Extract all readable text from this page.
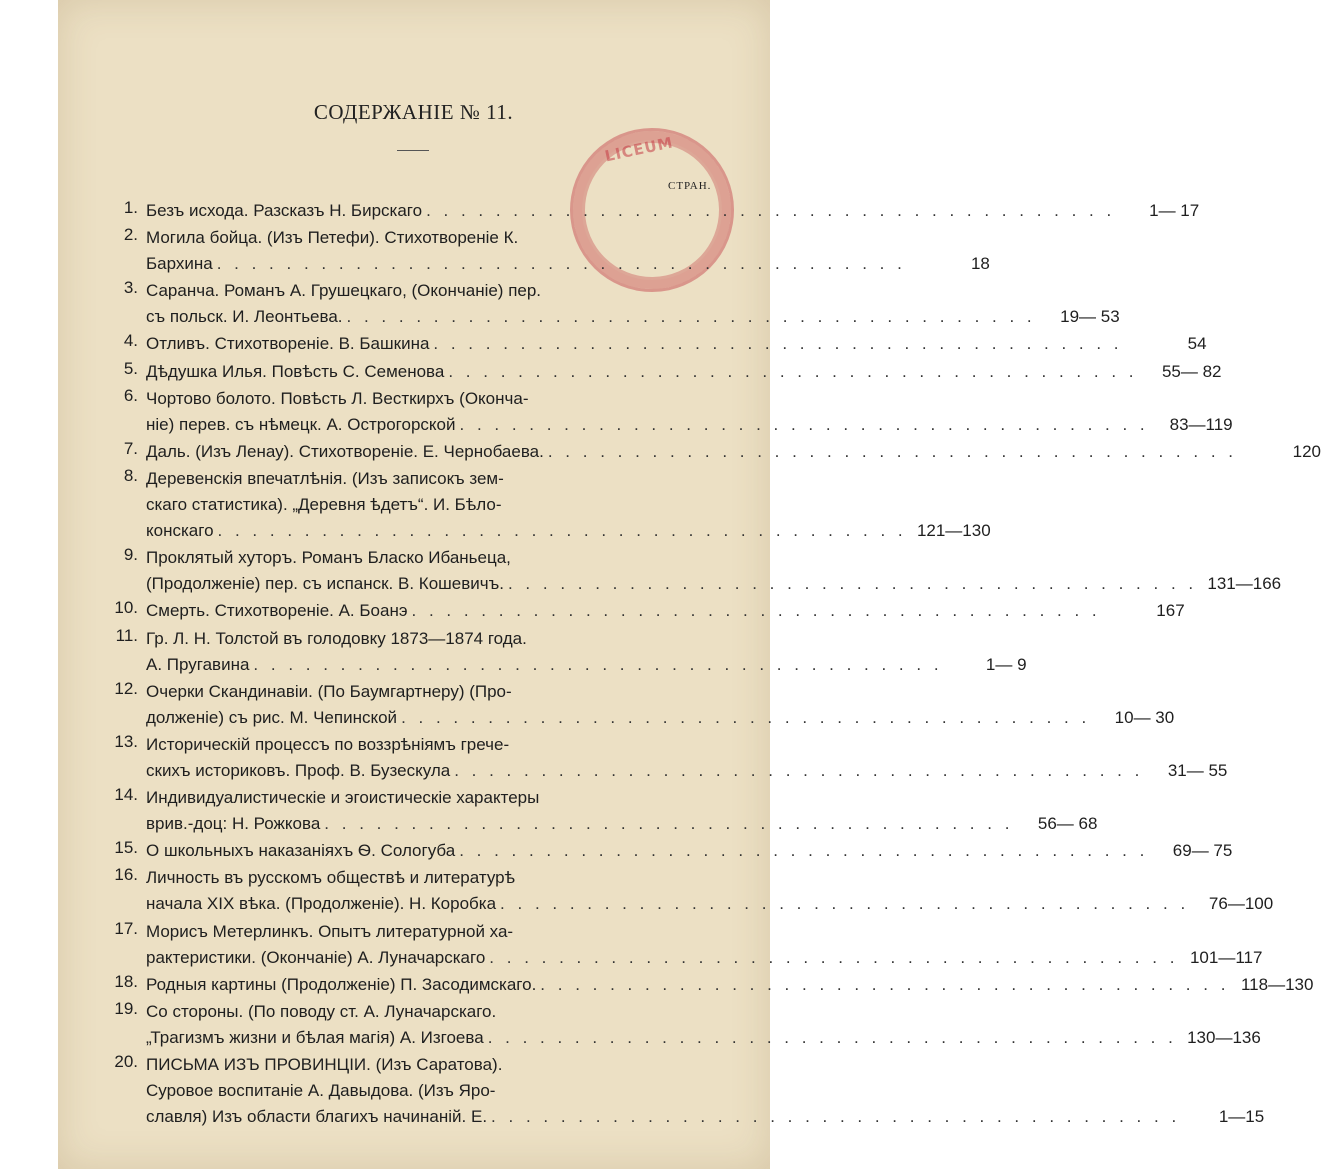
LICEUM
СОДЕРЖАНІЕ № 11.
СТРАН.
1. Безъ исхода. Разсказъ Н. Бирскаго . . . . . . . . . . . . . . . . . . . . . . . . . . . . . . . . . . . . . . . .	1— 17
2. Могила бойца. (Изъ Петефи). Стихотвореніе К.
Бархина . . . . . . . . . . . . . . . . . . . . . . . . . . . . . . . . . . . . . . . .	18
3. Саранча. Романъ А. Грушецкаго, (Окончаніе) пер.
съ польск. И. Леонтьева. . . . . . . . . . . . . . . . . . . . . . . . . . . . . . . . . . . . . . . . .	19— 53
4. Отливъ. Стихотвореніе. В. Башкина . . . . . . . . . . . . . . . . . . . . . . . . . . . . . . . . . . . . . . . .	54
5. Дѣдушка Илья. Повѣсть С. Семенова . . . . . . . . . . . . . . . . . . . . . . . . . . . . . . . . . . . . . . . .	55— 82
6. Чортово болото. Повѣсть Л. Весткирхъ (Оконча-
ніе) перев. съ нѣмецк. А. Острогорской . . . . . . . . . . . . . . . . . . . . . . . . . . . . . . . . . . . . . . . .	83—119
7. Даль. (Изъ Ленау). Стихотвореніе. Е. Чернобаева. . . . . . . . . . . . . . . . . . . . . . . . . . . . . . . . . . . . . . . . .	120
8. Деревенскія впечатлѣнія. (Изъ записокъ зем-
скаго статистика). „Деревня ѣдетъ“. И. Бѣло-
конскаго . . . . . . . . . . . . . . . . . . . . . . . . . . . . . . . . . . . . . . . . 121—130
9. Проклятый хуторъ. Романъ Бласко Ибаньеца,
(Продолженіе) пер. съ испанск. В. Кошевичъ. . . . . . . . . . . . . . . . . . . . . . . . . . . . . . . . . . . . . . . . . 131—166
10. Смерть. Стихотвореніе. А. Боанэ . . . . . . . . . . . . . . . . . . . . . . . . . . . . . . . . . . . . . . . .	167
11. Гр. Л. Н. Толстой въ голодовку 1873—1874 года.
А. Пругавина . . . . . . . . . . . . . . . . . . . . . . . . . . . . . . . . . . . . . . . .	1— 9
12. Очерки Скандинавіи. (По Баумгартнеру) (Про-
долженіе) съ рис. М. Чепинской . . . . . . . . . . . . . . . . . . . . . . . . . . . . . . . . . . . . . . . .	10— 30
13. Историческій процессъ по воззрѣніямъ грече-
скихъ историковъ. Проф. В. Бузескула . . . . . . . . . . . . . . . . . . . . . . . . . . . . . . . . . . . . . . . .	31— 55
14. Индивидуалистическіе и эгоистическіе характеры
врив.-доц: Н. Рожкова . . . . . . . . . . . . . . . . . . . . . . . . . . . . . . . . . . . . . . . .	56— 68
15. О школьныхъ наказаніяхъ Ѳ. Сологуба . . . . . . . . . . . . . . . . . . . . . . . . . . . . . . . . . . . . . . . .	69— 75
16. Личность въ русскомъ обществѣ и литературѣ
начала XIX вѣка. (Продолженіе). Н. Коробка . . . . . . . . . . . . . . . . . . . . . . . . . . . . . . . . . . . . . . . .	76—100
17. Морисъ Метерлинкъ. Опытъ литературной ха-
рактеристики. (Окончаніе) А. Луначарскаго . . . . . . . . . . . . . . . . . . . . . . . . . . . . . . . . . . . . . . . . 101—117
18. Родныя картины (Продолженіе) П. Засодимскаго. . . . . . . . . . . . . . . . . . . . . . . . . . . . . . . . . . . . . . . . . 118—130
19. Со стороны. (По поводу ст. А. Луначарскаго.
„Трагизмъ жизни и бѣлая магія) А. Изгоева . . . . . . . . . . . . . . . . . . . . . . . . . . . . . . . . . . . . . . . . 130—136
20. ПИСЬМА ИЗЪ ПРОВИНЦІИ. (Изъ Саратова).
Суровое воспитаніе А. Давыдова. (Изъ Яро-
славля) Изъ области благихъ начинаній. Е. . . . . . . . . . . . . . . . . . . . . . . . . . . . . . . . . . . . . . . . .	1—15
